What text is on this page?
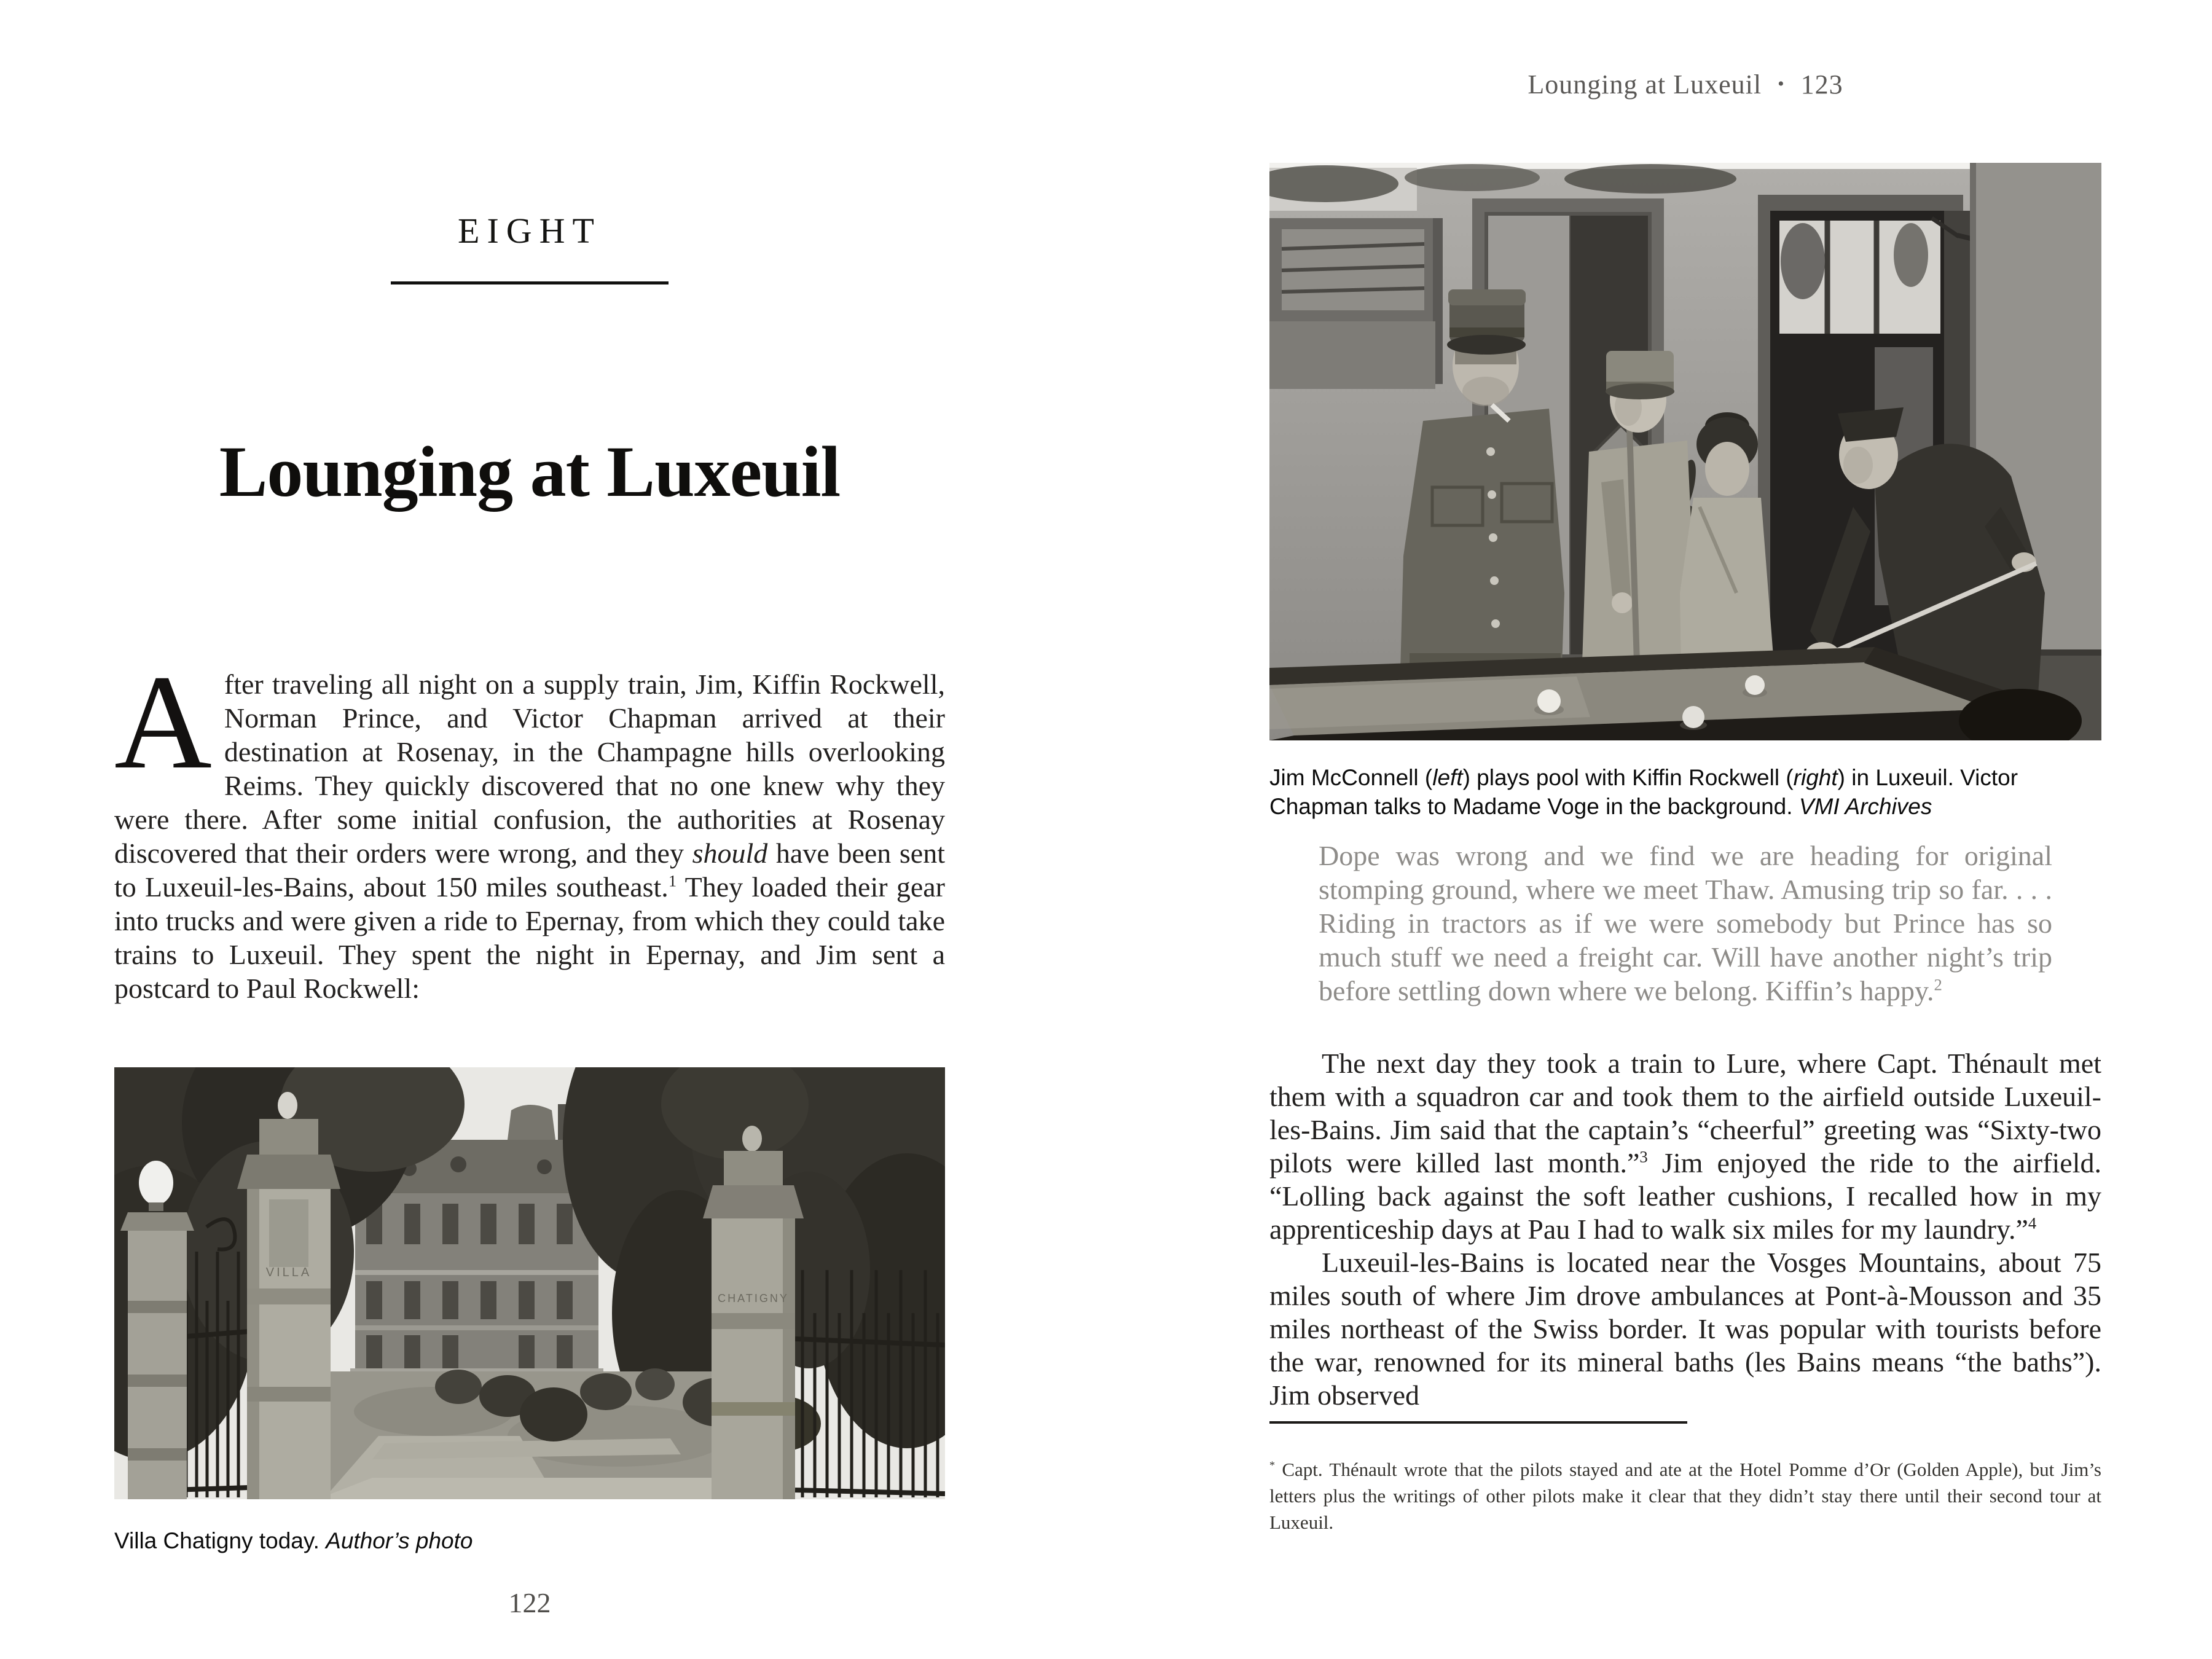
Lounging at Luxeuil • 123
EIGHT
Lounging at Luxeuil
After traveling all night on a supply train, Jim, Kiffin Rockwell, Norman Prince, and Victor Chapman arrived at their destination at Rosenay, in the Champagne hills overlooking Reims. They quickly discovered that no one knew why they were there. After some initial confusion, the authorities at Rosenay discovered that their orders were wrong, and they should have been sent to Luxeuil-les-Bains, about 150 miles southeast.$^1$ They loaded their gear into trucks and were given a ride to Epernay, from which they could take trains to Luxeuil. They spent the night in Epernay, and Jim sent a postcard to Paul Rockwell:
VILLA
CHATIGNY
Villa Chatigny today. Author’s photo
122
Jim McConnell (left) plays pool with Kiffin Rockwell (right) in Luxeuil. Victor Chapman talks to Madame Voge in the background. VMI Archives
Dope was wrong and we find we are heading for original stomping ground, where we meet Thaw. Amusing trip so far. . . . Riding in tractors as if we were somebody but Prince has so much stuff we need a freight car. Will have another night’s trip before settling down where we belong. Kiffin’s happy.$^2$

The next day they took a train to Lure, where Capt. Thénault met them with a squadron car and took them to the airfield outside Luxeuil-les-Bains. Jim said that the captain’s “cheerful” greeting was “Sixty-two pilots were killed last month.”$^3$ Jim enjoyed the ride to the airfield. “Lolling back against the soft leather cushions, I recalled how in my apprenticeship days at Pau I had to walk six miles for my laundry.”$^4$

Luxeuil-les-Bains is located near the Vosges Mountains, about 75 miles south of where Jim drove ambulances at Pont-à-Mousson and 35 miles northeast of the Swiss border. It was popular with tourists before the war, renowned for its mineral baths (les Bains means “the baths”). Jim observed

* Capt. Thénault wrote that the pilots stayed and ate at the Hotel Pomme d’Or (Golden Apple), but Jim’s letters plus the writings of other pilots make it clear that they didn’t stay there until their second tour at Luxeuil.
